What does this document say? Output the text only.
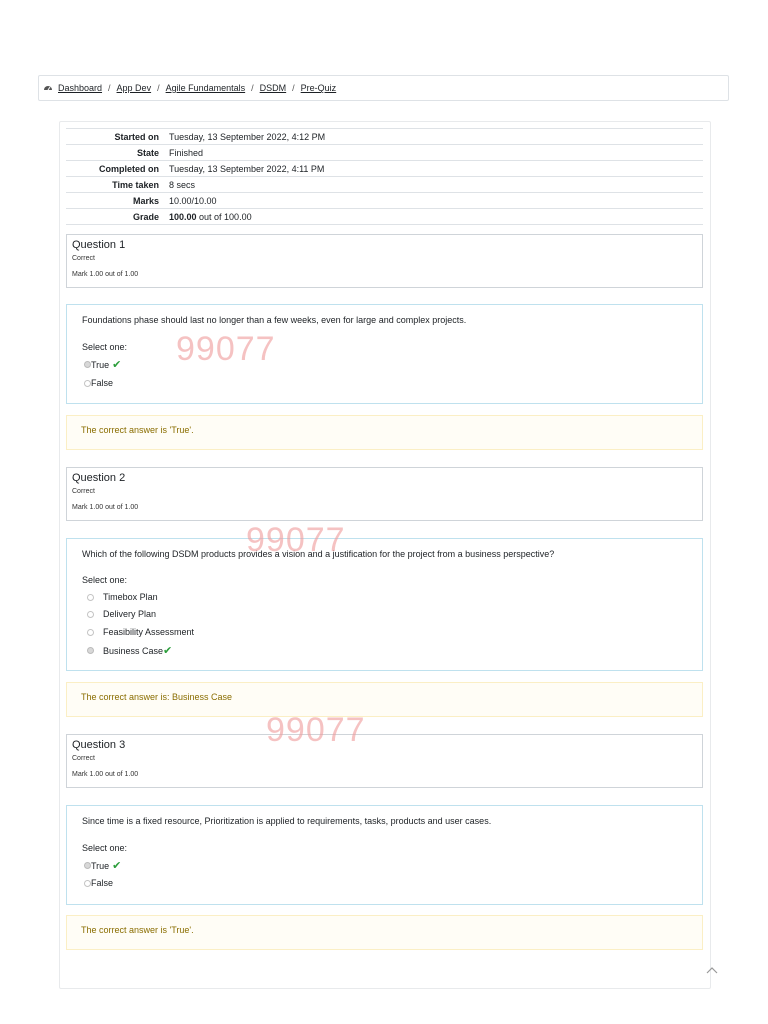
Dashboard / App Dev / Agile Fundamentals / DSDM / Pre-Quiz
Started on	Tuesday, 13 September 2022, 4:12 PM
State	Finished
Completed on	Tuesday, 13 September 2022, 4:11 PM
Time taken	8 secs
Marks	10.00/10.00
Grade	100.00 out of 100.00
Question 1
Correct
Mark 1.00 out of 1.00
Foundations phase should last no longer than a few weeks, even for large and complex projects.
Select one:
True ✔
False
The correct answer is 'True'.
Question 2
Correct
Mark 1.00 out of 1.00
Which of the following DSDM products provides a vision and a justification for the project from a business perspective?
Select one:
Timebox Plan
Delivery Plan
Feasibility Assessment
Business Case ✔
The correct answer is: Business Case
Question 3
Correct
Mark 1.00 out of 1.00
Since time is a fixed resource, Prioritization is applied to requirements, tasks, products and user cases.
Select one:
True ✔
False
The correct answer is 'True'.
99077
99077
99077
